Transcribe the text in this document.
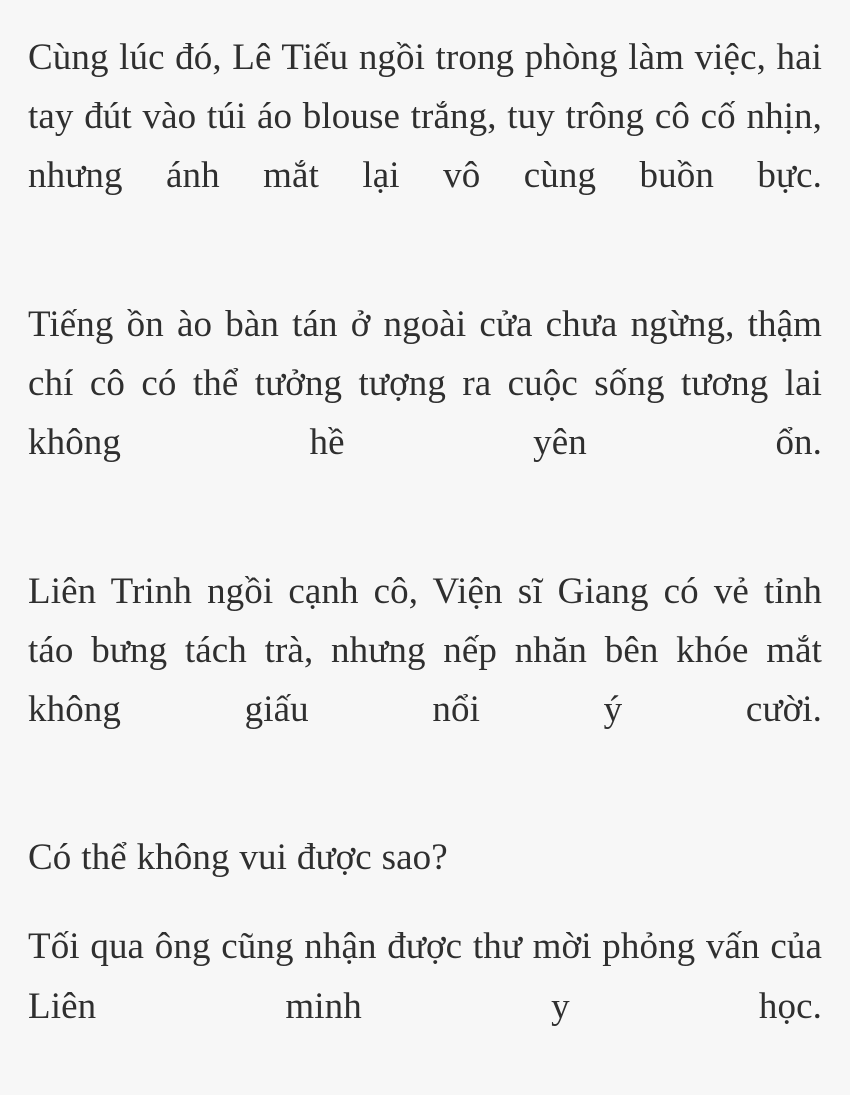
Cùng lúc đó, Lê Tiếu ngồi trong phòng làm việc, hai tay đút vào túi áo blouse trắng, tuy trông cô cố nhịn, nhưng ánh mắt lại vô cùng buồn bực.

Tiếng ồn ào bàn tán ở ngoài cửa chưa ngừng, thậm chí cô có thể tưởng tượng ra cuộc sống tương lai không hề yên ổn.

Liên Trinh ngồi cạnh cô, Viện sĩ Giang có vẻ tỉnh táo bưng tách trà, nhưng nếp nhăn bên khóe mắt không giấu nổi ý cười.

Có thể không vui được sao?

Tối qua ông cũng nhận được thư mời phỏng vấn của Liên minh y học.
